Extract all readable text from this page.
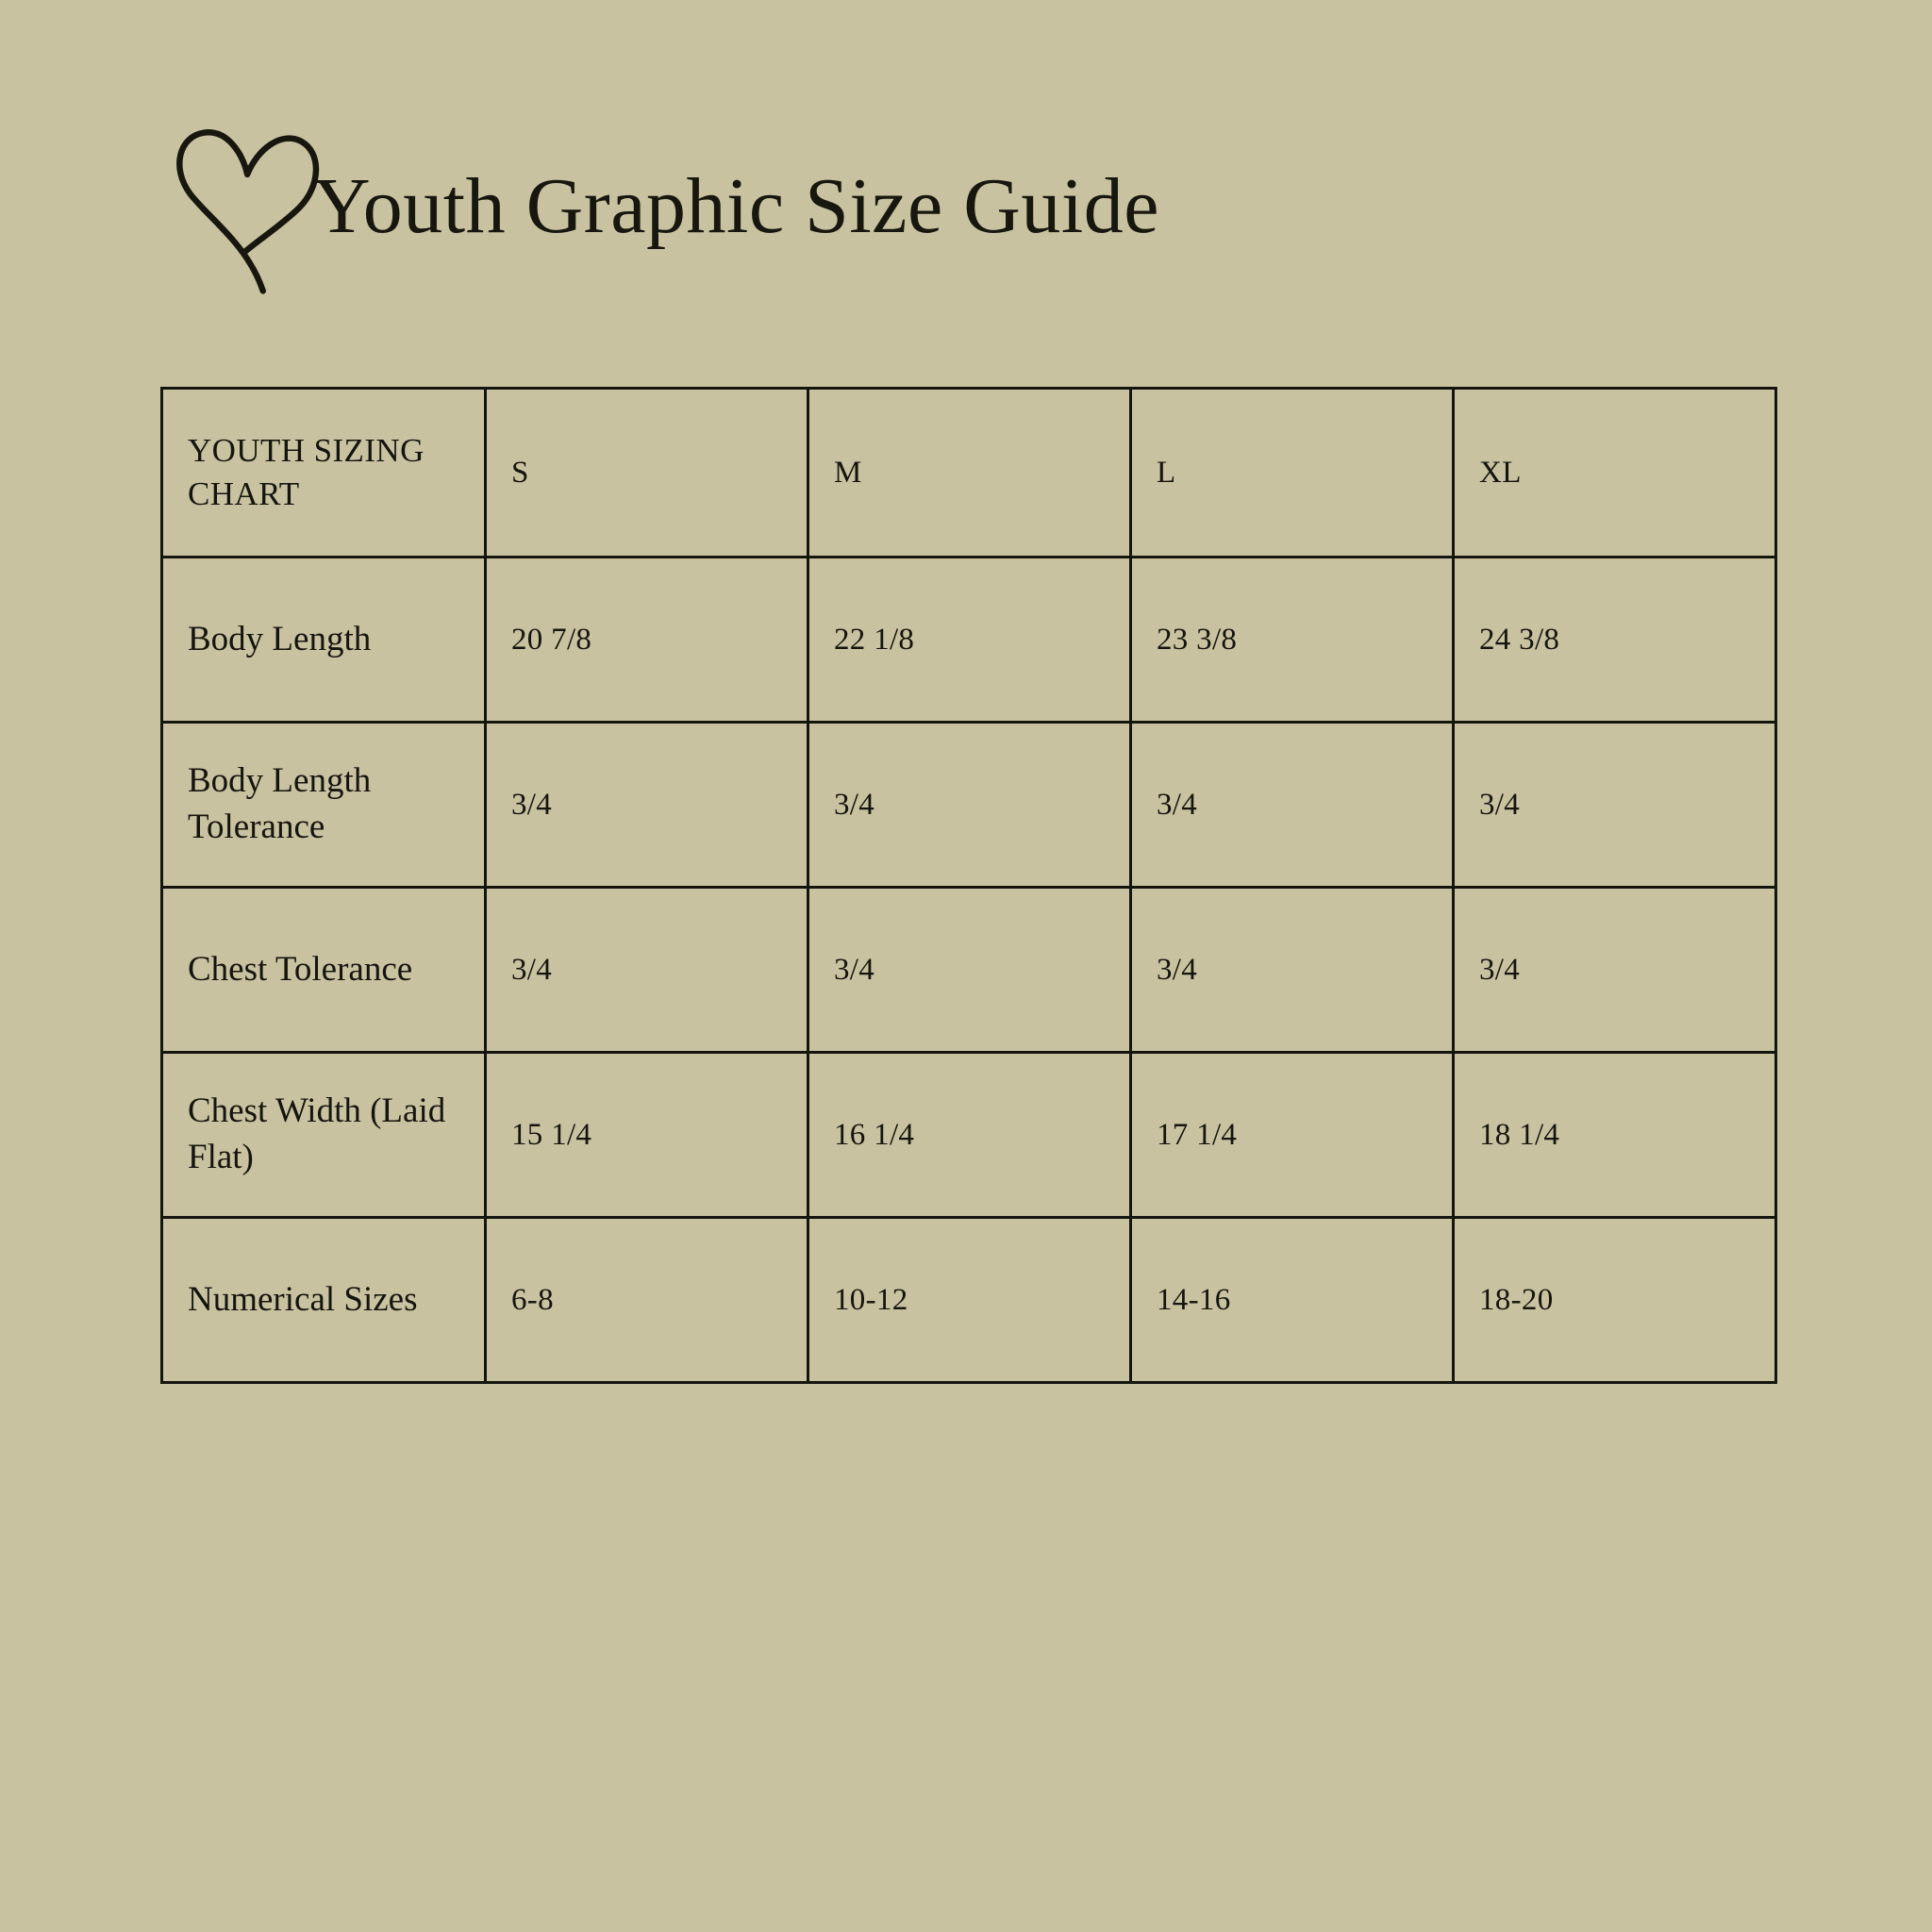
Youth Graphic Size Guide
YOUTH SIZING CHART	S	M	L	XL
Body Length	20 7/8	22 1/8	23 3/8	24 3/8
Body Length Tolerance	3/4	3/4	3/4	3/4
Chest Tolerance	3/4	3/4	3/4	3/4
Chest Width (Laid Flat)	15 1/4	16 1/4	17 1/4	18 1/4
Numerical Sizes	6-8	10-12	14-16	18-20
